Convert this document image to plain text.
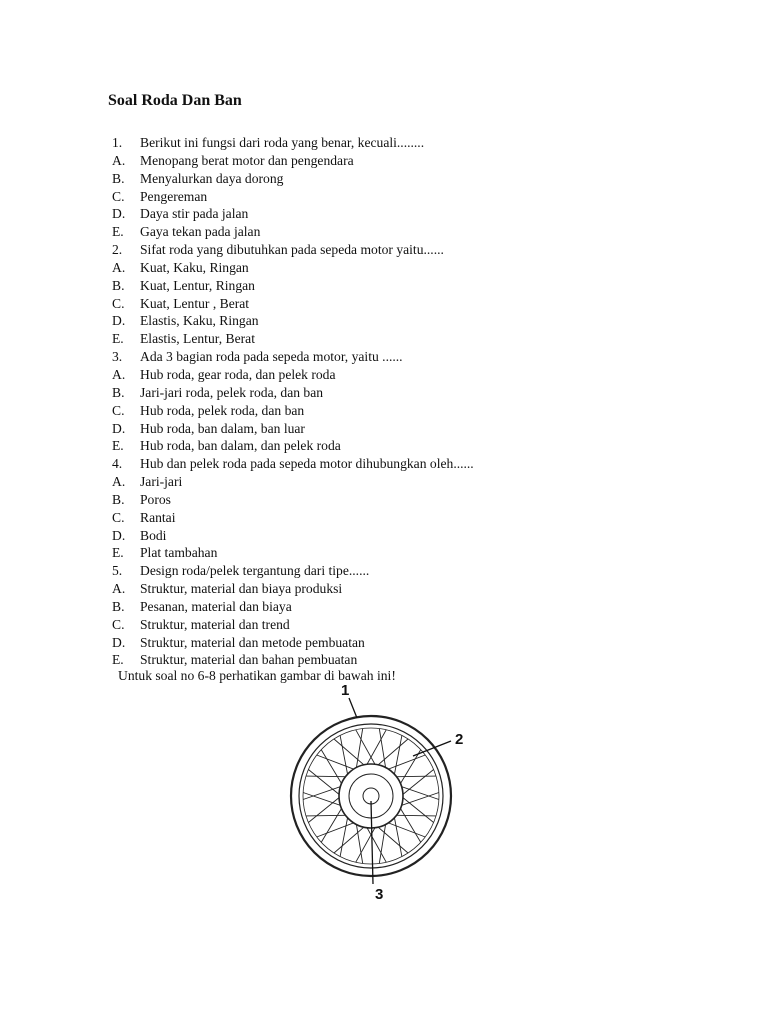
Soal Roda Dan Ban
1. Berikut ini fungsi dari roda yang benar, kecuali........
A. Menopang berat motor dan pengendara
B. Menyalurkan daya dorong
C. Pengereman
D. Daya stir pada jalan
E. Gaya tekan pada jalan
2. Sifat roda yang dibutuhkan pada sepeda motor yaitu......
A. Kuat, Kaku, Ringan
B. Kuat, Lentur, Ringan
C. Kuat, Lentur , Berat
D. Elastis, Kaku, Ringan
E. Elastis, Lentur, Berat
3. Ada 3 bagian roda pada sepeda motor, yaitu ......
A. Hub roda, gear roda, dan pelek roda
B. Jari-jari roda, pelek roda, dan ban
C. Hub roda, pelek roda, dan ban
D. Hub roda, ban dalam, ban luar
E. Hub roda, ban dalam, dan pelek roda
4. Hub dan pelek roda pada sepeda motor dihubungkan oleh......
A. Jari-jari
B. Poros
C. Rantai
D. Bodi
E. Plat tambahan
5. Design roda/pelek tergantung dari tipe......
A. Struktur, material dan biaya produksi
B. Pesanan, material dan biaya
C. Struktur, material dan trend
D. Struktur, material dan metode pembuatan
E. Struktur, material dan bahan pembuatan
Untuk soal no 6-8 perhatikan gambar di bawah ini!
1
2
3
